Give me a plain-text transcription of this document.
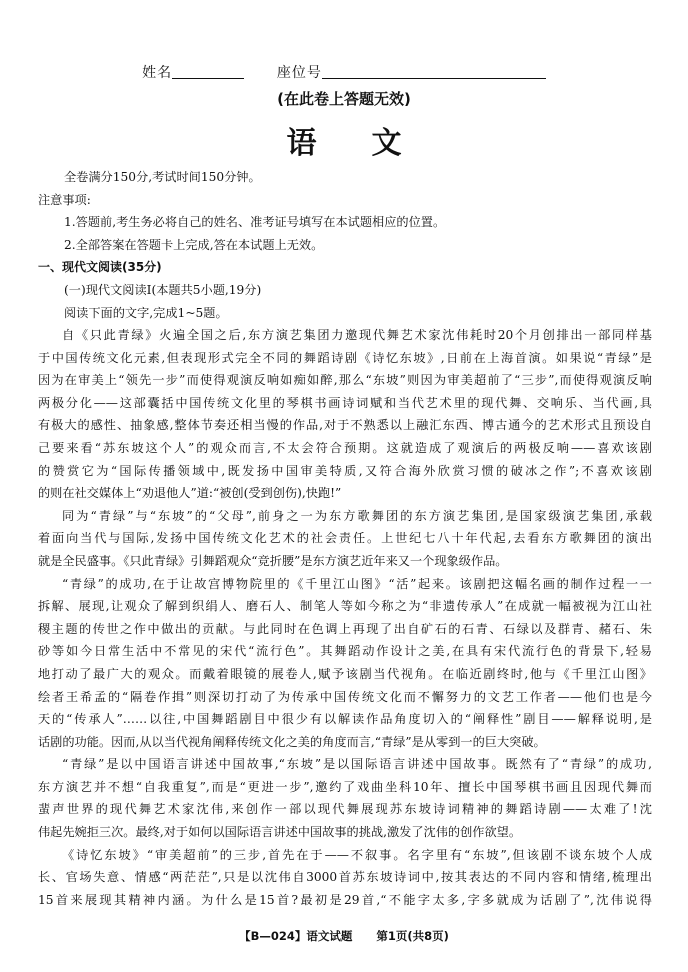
姓名	座位号
(在此卷上答题无效)
语文
全卷满分150分,考试时间150分钟。
注意事项:
1.答题前,考生务必将自己的姓名、准考证号填写在本试题相应的位置。
2.全部答案在答题卡上完成,答在本试题上无效。
一、现代文阅读(35分)
(一)现代文阅读Ⅰ(本题共5小题,19分)
阅读下面的文字,完成1~5题。
自《只此青绿》火遍全国之后,东方演艺集团力邀现代舞艺术家沈伟耗时20个月创排出一部同样基
于中国传统文化元素,但表现形式完全不同的舞蹈诗剧《诗忆东坡》,日前在上海首演。如果说“青绿”是
因为在审美上“领先一步”而使得观演反响如痴如醉,那么“东坡”则因为审美超前了“三步”,而使得观演反响
两极分化——这部囊括中国传统文化里的琴棋书画诗词赋和当代艺术里的现代舞、交响乐、当代画,具
有极大的感性、抽象感,整体节奏还相当慢的作品,对于不熟悉以上融汇东西、博古通今的艺术形式且预设自
己要来看“苏东坡这个人”的观众而言,不太会符合预期。这就造成了观演后的两极反响——喜欢该剧
的赞赏它为“国际传播领域中,既发扬中国审美特质,又符合海外欣赏习惯的破冰之作”;不喜欢该剧
的则在社交媒体上“劝退他人”道:“被创(受到创伤),快跑!”
同为“青绿”与“东坡”的“父母”,前身之一为东方歌舞团的东方演艺集团,是国家级演艺集团,承载
着面向当代与国际,发扬中国传统文化艺术的社会责任。上世纪七八十年代起,去看东方歌舞团的演出
就是全民盛事。《只此青绿》引舞蹈观众“竞折腰”是东方演艺近年来又一个现象级作品。
“青绿”的成功,在于让故宫博物院里的《千里江山图》“活”起来。该剧把这幅名画的制作过程一一
拆解、展现,让观众了解到织绢人、磨石人、制笔人等如今称之为“非遗传承人”在成就一幅被视为江山社
稷主题的传世之作中做出的贡献。与此同时在色调上再现了出自矿石的石青、石绿以及群青、赭石、朱
砂等如今日常生活中不常见的宋代“流行色”。其舞蹈动作设计之美,在具有宋代流行色的背景下,轻易
地打动了最广大的观众。而戴着眼镜的展卷人,赋予该剧当代视角。在临近剧终时,他与《千里江山图》
绘者王希孟的“隔卷作揖”则深切打动了为传承中国传统文化而不懈努力的文艺工作者——他们也是今
天的“传承人”……以往,中国舞蹈剧目中很少有以解读作品角度切入的“阐释性”剧目——解释说明,是
话剧的功能。因而,从以当代视角阐释传统文化之美的角度而言,“青绿”是从零到一的巨大突破。
“青绿”是以中国语言讲述中国故事,“东坡”是以国际语言讲述中国故事。既然有了“青绿”的成功,
东方演艺并不想“自我重复”,而是“更进一步”,邀约了戏曲坐科10年、擅长中国琴棋书画且因现代舞而
蜚声世界的现代舞艺术家沈伟,来创作一部以现代舞展现苏东坡诗词精神的舞蹈诗剧——太难了!沈
伟起先婉拒三次。最终,对于如何以国际语言讲述中国故事的挑战,激发了沈伟的创作欲望。
《诗忆东坡》“审美超前”的三步,首先在于——不叙事。名字里有“东坡”,但该剧不谈东坡个人成
长、官场失意、情感“两茫茫”,只是以沈伟自3000首苏东坡诗词中,按其表达的不同内容和情绪,梳理出
15首来展现其精神内涵。为什么是15首?最初是29首,“不能字太多,字多就成为话剧了”,沈伟说得
【B—024】语文试题 第1页(共8页)
